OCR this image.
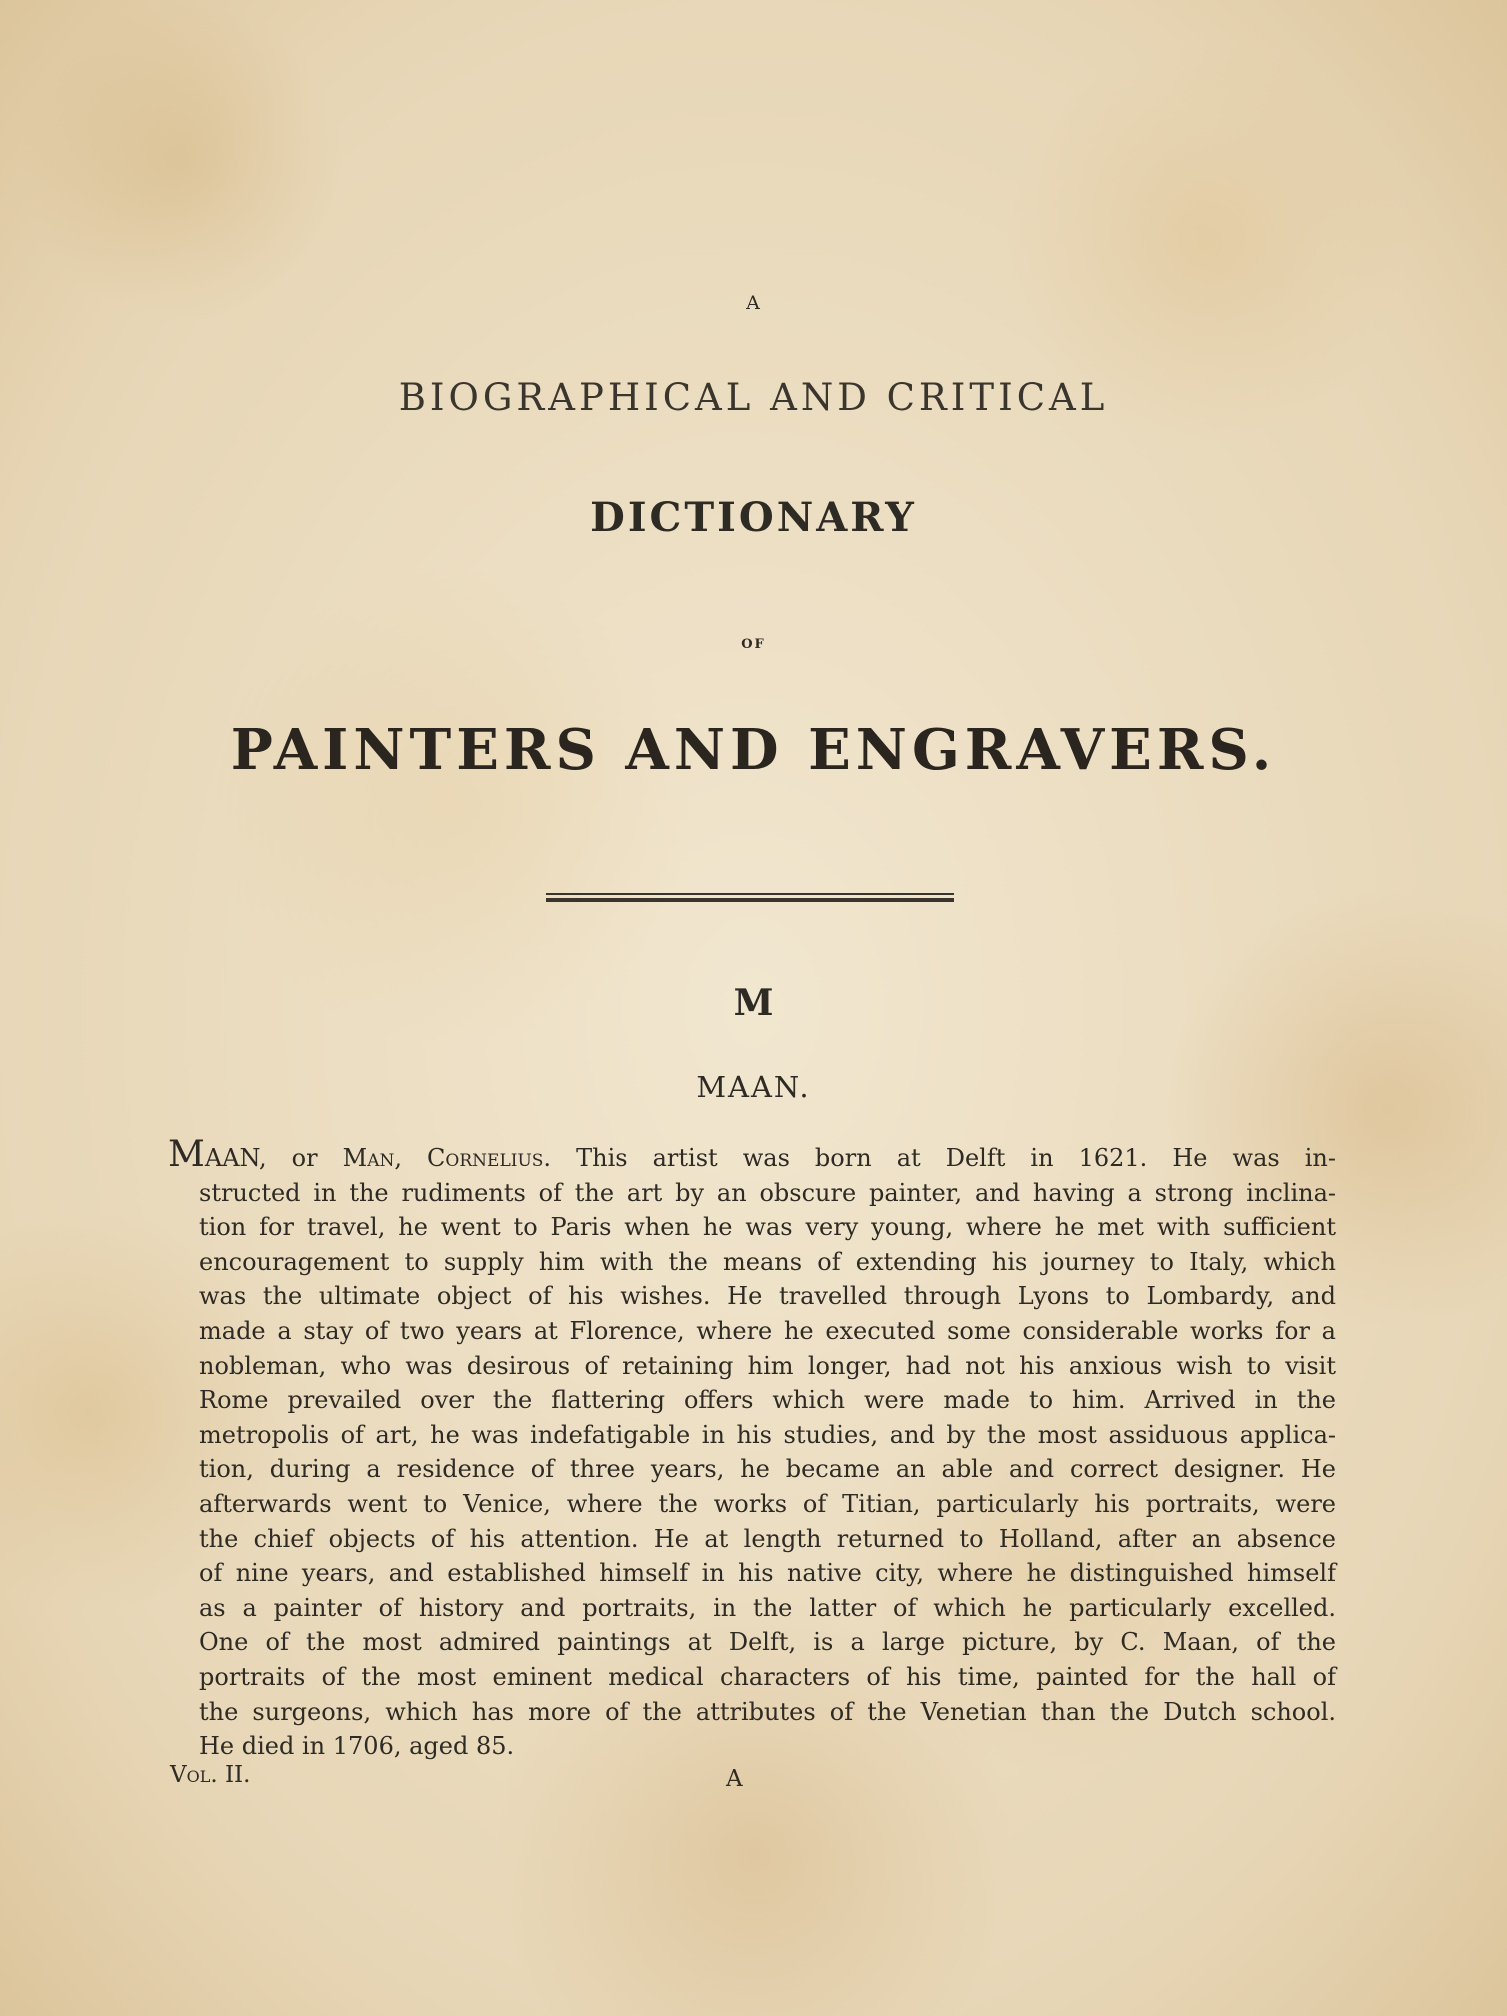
A
BIOGRAPHICAL AND CRITICAL
DICTIONARY
OF
PAINTERS AND ENGRAVERS.
M
MAAN.
MAAN, or Man, Cornelius. This artist was born at Delft in 1621. He was in-
structed in the rudiments of the art by an obscure painter, and having a strong inclina-
tion for travel, he went to Paris when he was very young, where he met with sufficient
encouragement to supply him with the means of extending his journey to Italy, which
was the ultimate object of his wishes. He travelled through Lyons to Lombardy, and
made a stay of two years at Florence, where he executed some considerable works for a
nobleman, who was desirous of retaining him longer, had not his anxious wish to visit
Rome prevailed over the flattering offers which were made to him. Arrived in the
metropolis of art, he was indefatigable in his studies, and by the most assiduous applica-
tion, during a residence of three years, he became an able and correct designer. He
afterwards went to Venice, where the works of Titian, particularly his portraits, were
the chief objects of his attention. He at length returned to Holland, after an absence
of nine years, and established himself in his native city, where he distinguished himself
as a painter of history and portraits, in the latter of which he particularly excelled.
One of the most admired paintings at Delft, is a large picture, by C. Maan, of the
portraits of the most eminent medical characters of his time, painted for the hall of
the surgeons, which has more of the attributes of the Venetian than the Dutch school.
He died in 1706, aged 85.
Vol. II.	A
